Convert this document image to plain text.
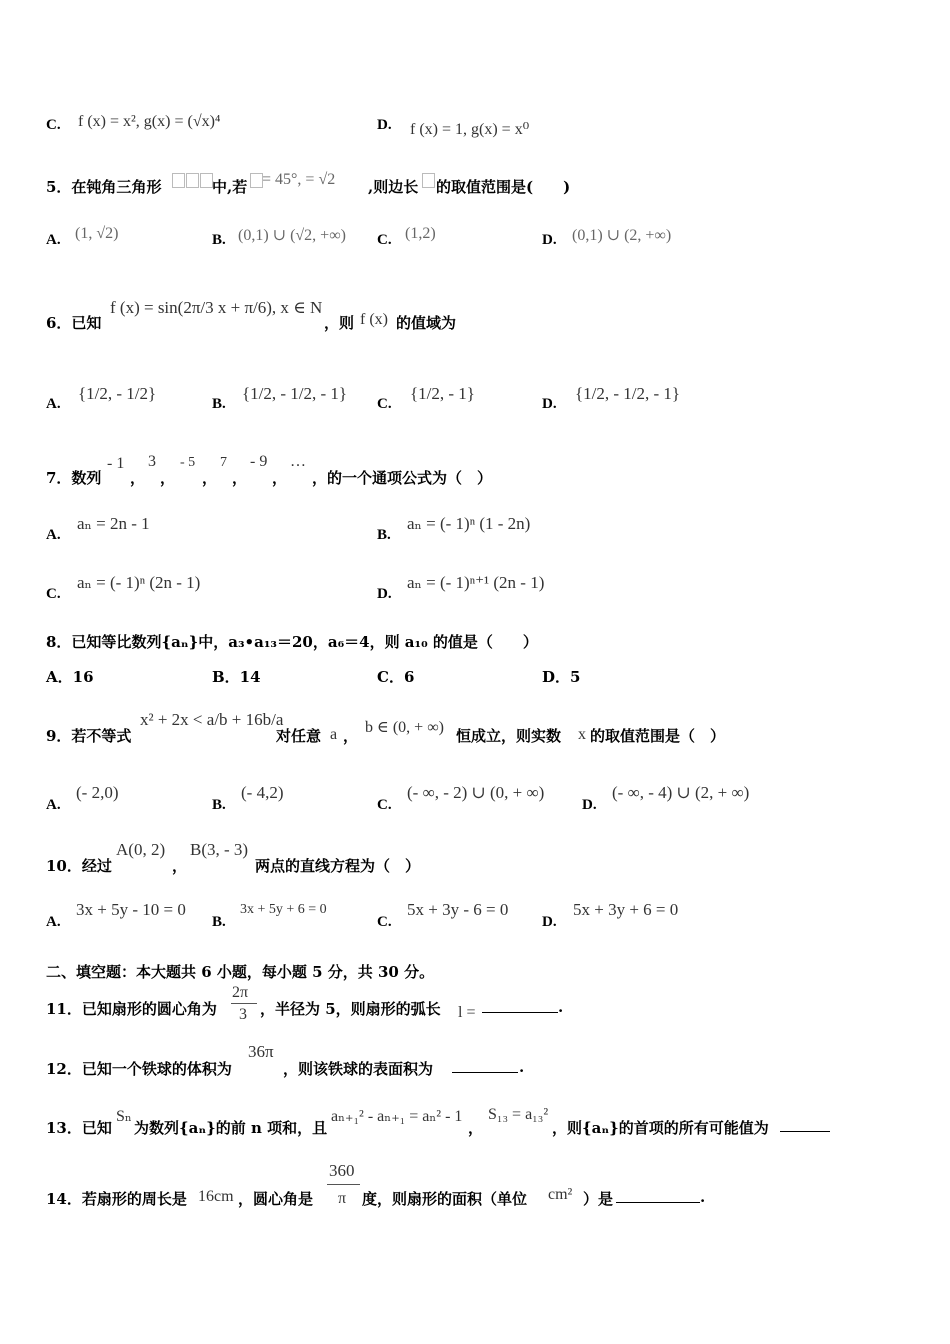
C. f (x) = x², g(x) = (√x)⁴	D. f (x) = 1, g(x) = x⁰
5．在钝角三角形	中,若 = 45°, = √2 ,则边长 的取值范围是(　　)
A. (1, √2)	B. (0,1) ∪ (√2, +∞) C. (1,2)	D. (0,1) ∪ (2, +∞)
6．已知
f (x) = sin(2π/3 x + π/6), x ∈ N
，则 f (x) 的值域为
A.
{1/2, - 1/2}
B.
{1/2, - 1/2, - 1}
C.
{1/2, - 1}
D.
{1/2, - 1/2, - 1}
7．数列
- 1
，
3
，
- 5
，
7
，
- 9
，
…
，的一个通项公式为（　）
A.
aₙ = 2n - 1
B.
aₙ = (- 1)ⁿ (1 - 2n)
C.
aₙ = (- 1)ⁿ (2n - 1)
D.
aₙ = (- 1)ⁿ⁺¹ (2n - 1)
8．已知等比数列{aₙ}中，a₃•a₁₃＝20，a₆＝4，则 a₁₀ 的值是（　　）
A．16	B．14	C．6	D．5
9．若不等式
x² + 2x < a/b + 16b/a
对任意 a ， b ∈ (0, + ∞) 恒成立，则实数 x 的取值范围是（　）
A.
(- 2,0)
B.
(- 4,2)
C.
(- ∞, - 2) ∪ (0, + ∞)
D.
(- ∞, - 4) ∪ (2, + ∞)
10．经过
A(0, 2)
，
B(3, - 3)
两点的直线方程为（　）
A.
3x + 5y - 10 = 0
B.
3x + 5y + 6 = 0
C.
5x + 3y - 6 = 0
D.
5x + 3y + 6 = 0
二、填空题：本大题共 6 小题，每小题 5 分，共 30 分。
11．已知扇形的圆心角为
2π
3 ，半径为 5，则扇形的弧长 l =	.
12．已知一个铁球的体积为
36π
，则该铁球的表面积为	.
13．已知
Sₙ
为数列{aₙ}的前 n 项和，且
aₙ₊₁² - aₙ₊₁ = aₙ² - 1
，
S₁₃ = a₁₃²
，则{aₙ}的首项的所有可能值为
14．若扇形的周长是 16cm ，圆心角是
360
π 度，则扇形的面积（单位 cm² ）是	.
